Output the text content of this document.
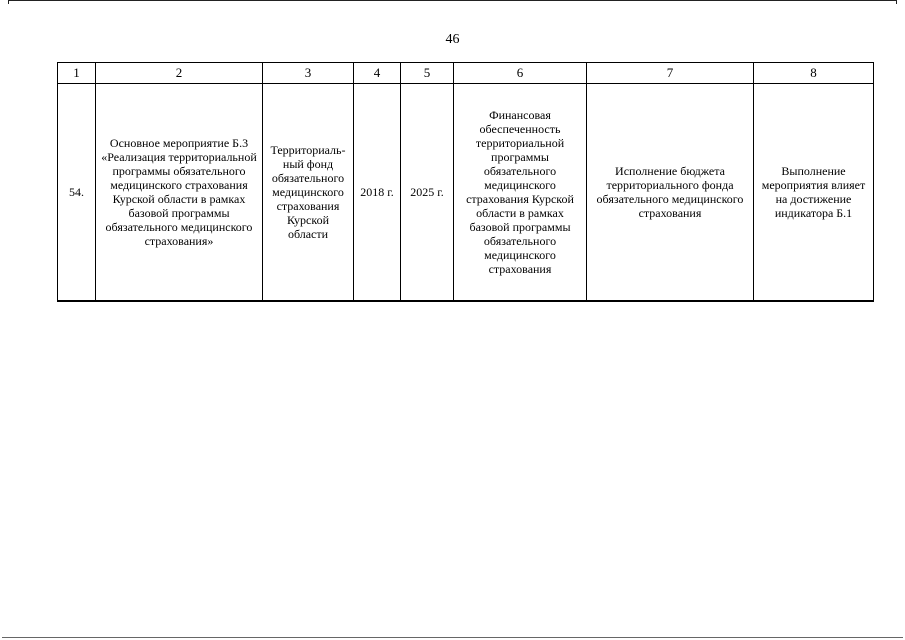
46
1	2	3	4	5	6	7	8
54.	Основное мероприятие Б.3 «Реализация территориальной программы обязательного медицинского страхования Курской области в рамках базовой программы обязательного медицинского страхования»	Территориальный фонд обязательного медицинского страхования Курской области	2018 г.	2025 г.	Финансовая обеспеченность территориальной программы обязательного медицинского страхования Курской области в рамках базовой программы обязательного медицинского страхования	Исполнение бюджета территориального фонда обязательного медицинского страхования	Выполнение мероприятия влияет на достижение индикатора Б.1
